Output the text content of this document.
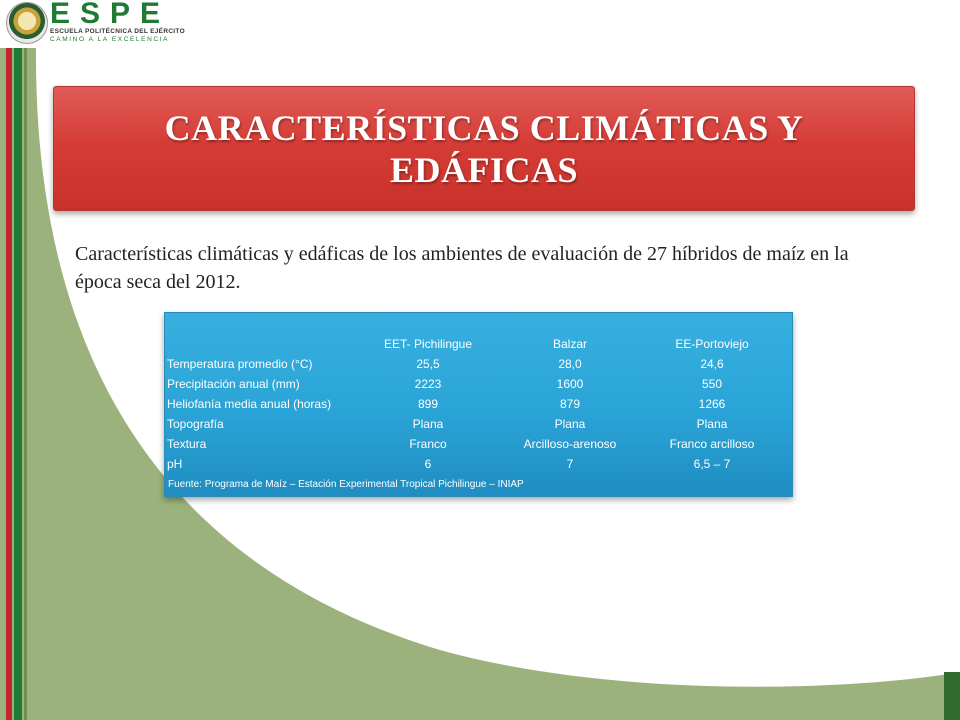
ESPE
ESCUELA POLITÉCNICA DEL EJÉRCITO
CAMINO A LA EXCELENCIA
CARACTERÍSTICAS CLIMÁTICAS Y EDÁFICAS

Características climáticas y edáficas de los ambientes de evaluación de 27 híbridos de maíz en la época seca del 2012.

	EET- Pichilingue	Balzar	EE-Portoviejo
Temperatura promedio (°C)	25,5	28,0	24,6
Precipitación anual (mm)	2223	1600	550
Heliofanía media anual (horas)	899	879	1266
Topografía	Plana	Plana	Plana
Textura	Franco	Arcilloso-arenoso	Franco arcilloso
pH	6	7	6,5 – 7

Fuente: Programa de Maíz – Estación Experimental Tropical Pichilingue – INIAP
